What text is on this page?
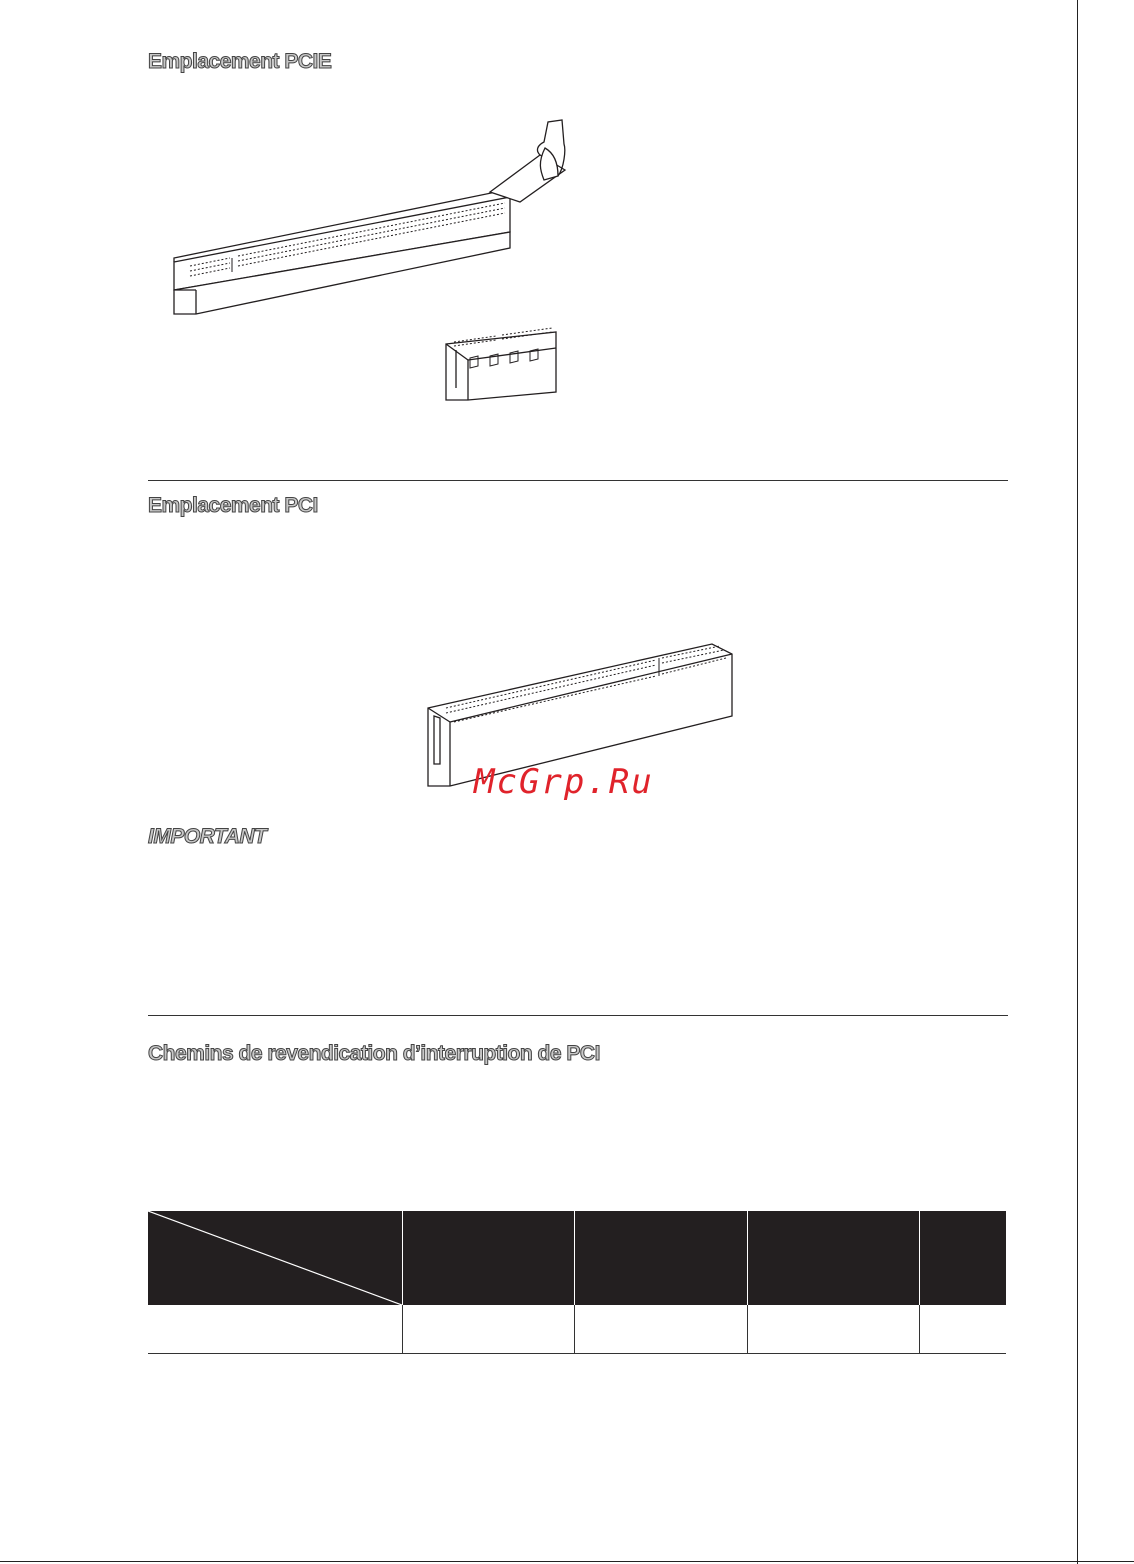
Emplacement PCIE
Emplacement PCI

McGrp.Ru

IMPORTANT
Chemins de revendication d’interruption de PCI
